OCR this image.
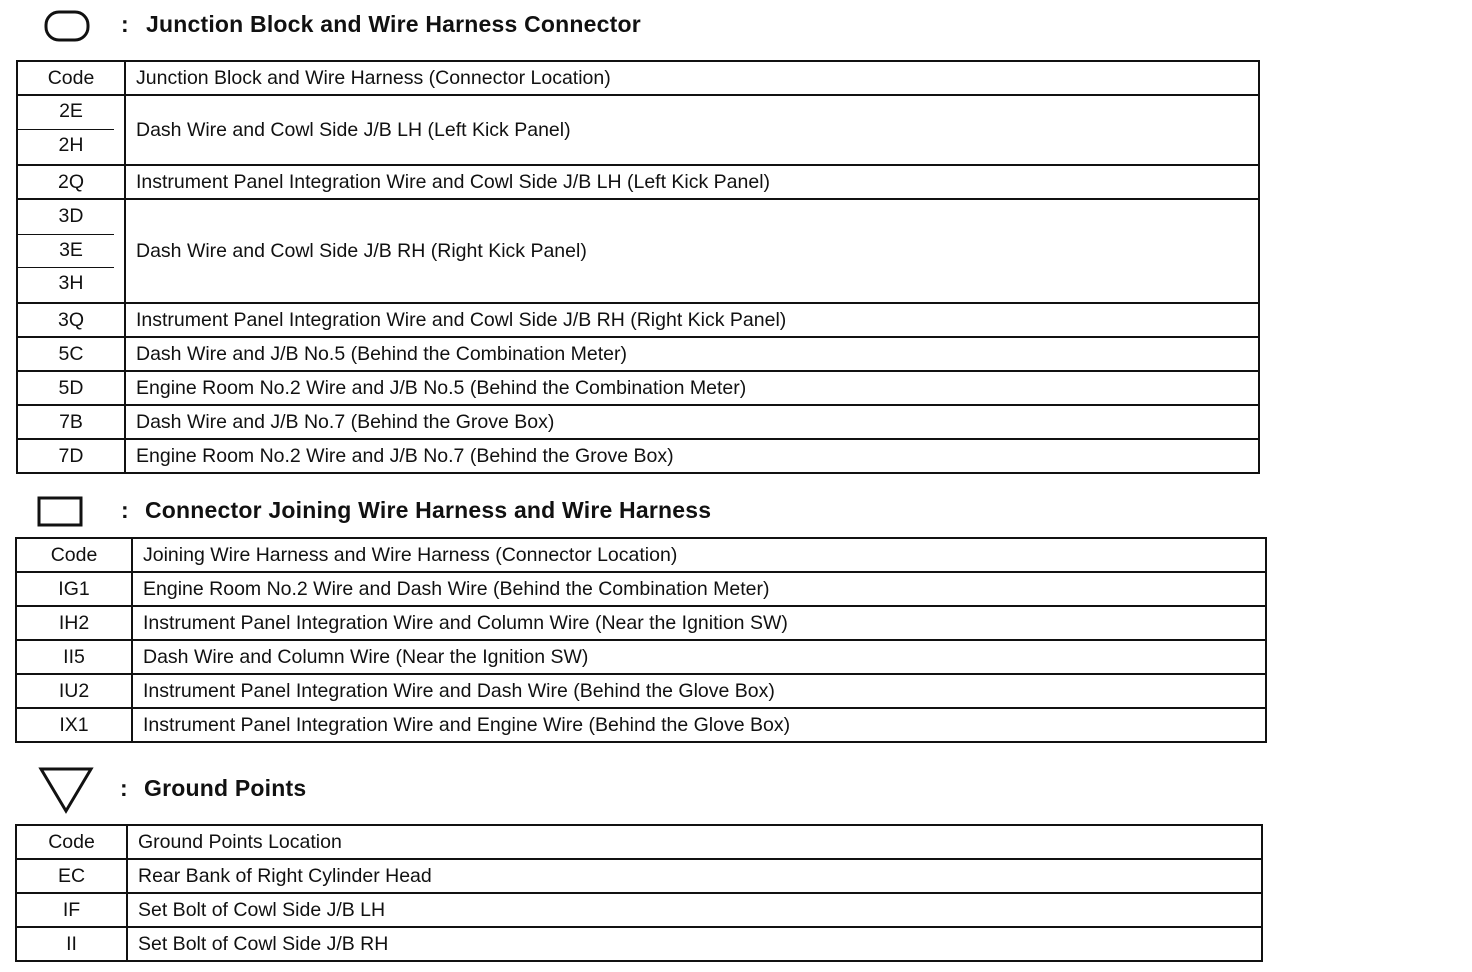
: Junction Block and Wire Harness Connector
Code	Junction Block and Wire Harness (Connector Location)

2E
2H	Dash Wire and Cowl Side J/B LH (Left Kick Panel)
2Q	Instrument Panel Integration Wire and Cowl Side J/B LH (Left Kick Panel)

3D
3E
3H	Dash Wire and Cowl Side J/B RH (Right Kick Panel)
3Q	Instrument Panel Integration Wire and Cowl Side J/B RH (Right Kick Panel)
5C	Dash Wire and J/B No.5 (Behind the Combination Meter)
5D	Engine Room No.2 Wire and J/B No.5 (Behind the Combination Meter)
7B	Dash Wire and J/B No.7 (Behind the Grove Box)
7D	Engine Room No.2 Wire and J/B No.7 (Behind the Grove Box)
: Connector Joining Wire Harness and Wire Harness
Code	Joining Wire Harness and Wire Harness (Connector Location)
IG1	Engine Room No.2 Wire and Dash Wire (Behind the Combination Meter)
IH2	Instrument Panel Integration Wire and Column Wire (Near the Ignition SW)
II5	Dash Wire and Column Wire (Near the Ignition SW)
IU2	Instrument Panel Integration Wire and Dash Wire (Behind the Glove Box)
IX1	Instrument Panel Integration Wire and Engine Wire (Behind the Glove Box)
: Ground Points
Code	Ground Points Location
EC	Rear Bank of Right Cylinder Head
IF	Set Bolt of Cowl Side J/B LH
II	Set Bolt of Cowl Side J/B RH
